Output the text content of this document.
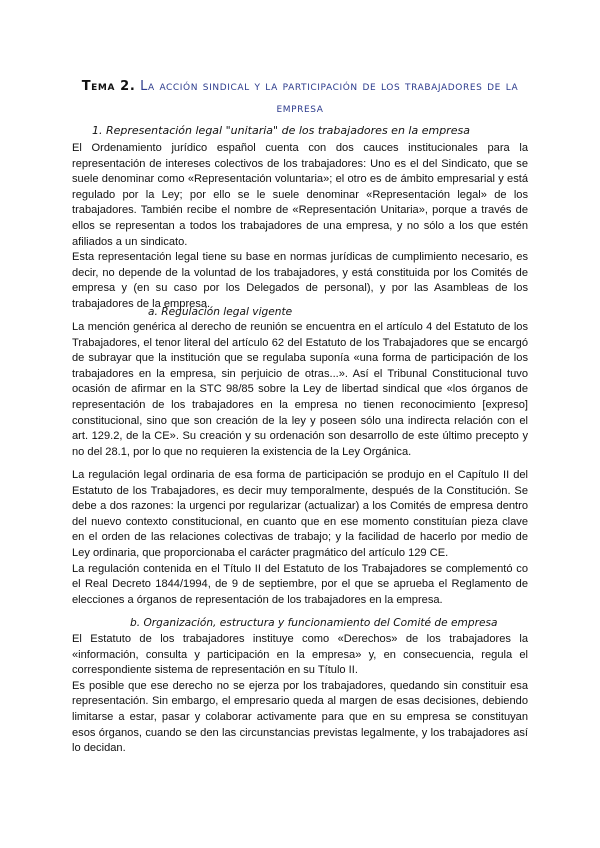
Tema 2. La acción sindical y la participación de los trabajadores de la empresa
1. Representación legal "unitaria" de los trabajadores en la empresa

El Ordenamiento jurídico español cuenta con dos cauces institucionales para la representación de intereses colectivos de los trabajadores: Uno es el del Sindicato, que se suele denominar como «Representación voluntaria»; el otro es de ámbito empresarial y está regulado por la Ley; por ello se le suele denominar «Representación legal» de los trabajadores. También recibe el nombre de «Representación Unitaria», porque a través de ellos se representan a todos los trabajadores de una empresa, y no sólo a los que estén afiliados a un sindicato.

Esta representación legal tiene su base en normas jurídicas de cumplimiento necesario, es decir, no depende de la voluntad de los trabajadores, y está constituida por los Comités de empresa y (en su caso por los Delegados de personal), y por las Asambleas de los trabajadores de la empresa.

a. Regulación legal vigente

La mención genérica al derecho de reunión se encuentra en el artículo 4 del Estatuto de los Trabajadores, el tenor literal del artículo 62 del Estatuto de los Trabajadores que se encargó de subrayar que la institución que se regulaba suponía «una forma de participación de los trabajadores en la empresa, sin perjuicio de otras...». Así el Tribunal Constitucional tuvo ocasión de afirmar en la STC 98/85 sobre la Ley de libertad sindical que «los órganos de representación de los trabajadores en la empresa no tienen reconocimiento [expreso] constitucional, sino que son creación de la ley y poseen sólo una indirecta relación con el art. 129.2, de la CE». Su creación y su ordenación son desarrollo de este último precepto y no del 28.1, por lo que no requieren la existencia de la Ley Orgánica.

La regulación legal ordinaria de esa forma de participación se produjo en el Capítulo II del Estatuto de los Trabajadores, es decir muy temporalmente, después de la Constitución. Se debe a dos razones: la urgenci por regularizar (actualizar) a los Comités de empresa dentro del nuevo contexto constitucional, en cuanto que en ese momento constituían pieza clave en el orden de las relaciones colectivas de trabajo; y la facilidad de hacerlo por medio de Ley ordinaria, que proporcionaba el carácter pragmático del artículo 129 CE.

La regulación contenida en el Título II del Estatuto de los Trabajadores se complementó co el Real Decreto 1844/1994, de 9 de septiembre, por el que se aprueba el Reglamento de elecciones a órganos de representación de los trabajadores en la empresa.

b. Organización, estructura y funcionamiento del Comité de empresa

El Estatuto de los trabajadores instituye como «Derechos» de los trabajadores la «información, consulta y participación en la empresa» y, en consecuencia, regula el correspondiente sistema de representación en su Título II.

Es posible que ese derecho no se ejerza por los trabajadores, quedando sin constituir esa representación. Sin embargo, el empresario queda al margen de esas decisiones, debiendo limitarse a estar, pasar y colaborar activamente para que en su empresa se constituyan esos órganos, cuando se den las circunstancias previstas legalmente, y los trabajadores así lo decidan.
